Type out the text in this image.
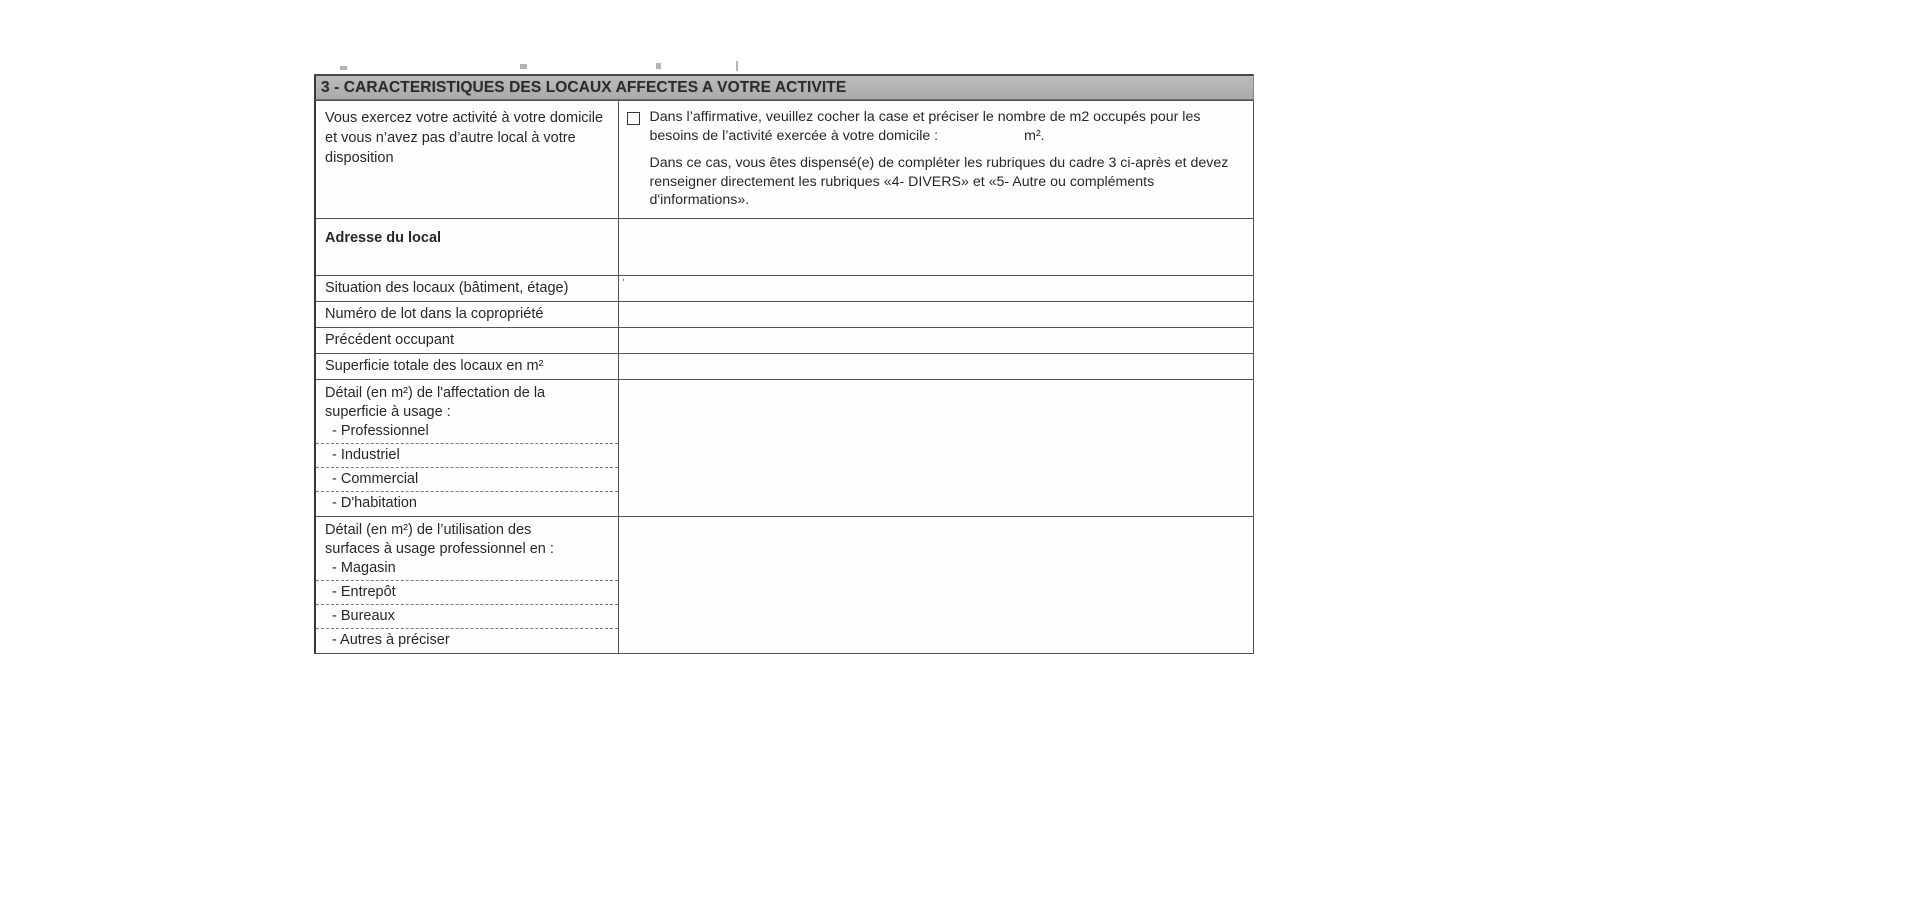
3 - CARACTERISTIQUES DES LOCAUX AFFECTES A VOTRE ACTIVITE
Vous exercez votre activité à votre domicile et vous n’avez pas d’autre local à votre disposition	Dans l’affirmative, veuillez cocher la case et préciser le nombre de m2 occupés pour les besoins de l’activité exercée à votre domicile : m².

Dans ce cas, vous êtes dispensé(e) de compléter les rubriques du cadre 3 ci-après et devez renseigner directement les rubriques «4- DIVERS» et «5- Autre ou compléments d'informations».

Adresse du local	

Situation des locaux (bâtiment, étage)	'

Numéro de lot dans la copropriété	

Précédent occupant	

Superficie totale des locaux en m²	

Détail (en m²) de l'affectation de la
superficie à usage :
- Professionnel	

- Industriel	

- Commercial	

- D'habitation	

Détail (en m²) de l’utilisation des
surfaces à usage professionnel en :
- Magasin	

- Entrepôt	

- Bureaux	

- Autres à préciser	
